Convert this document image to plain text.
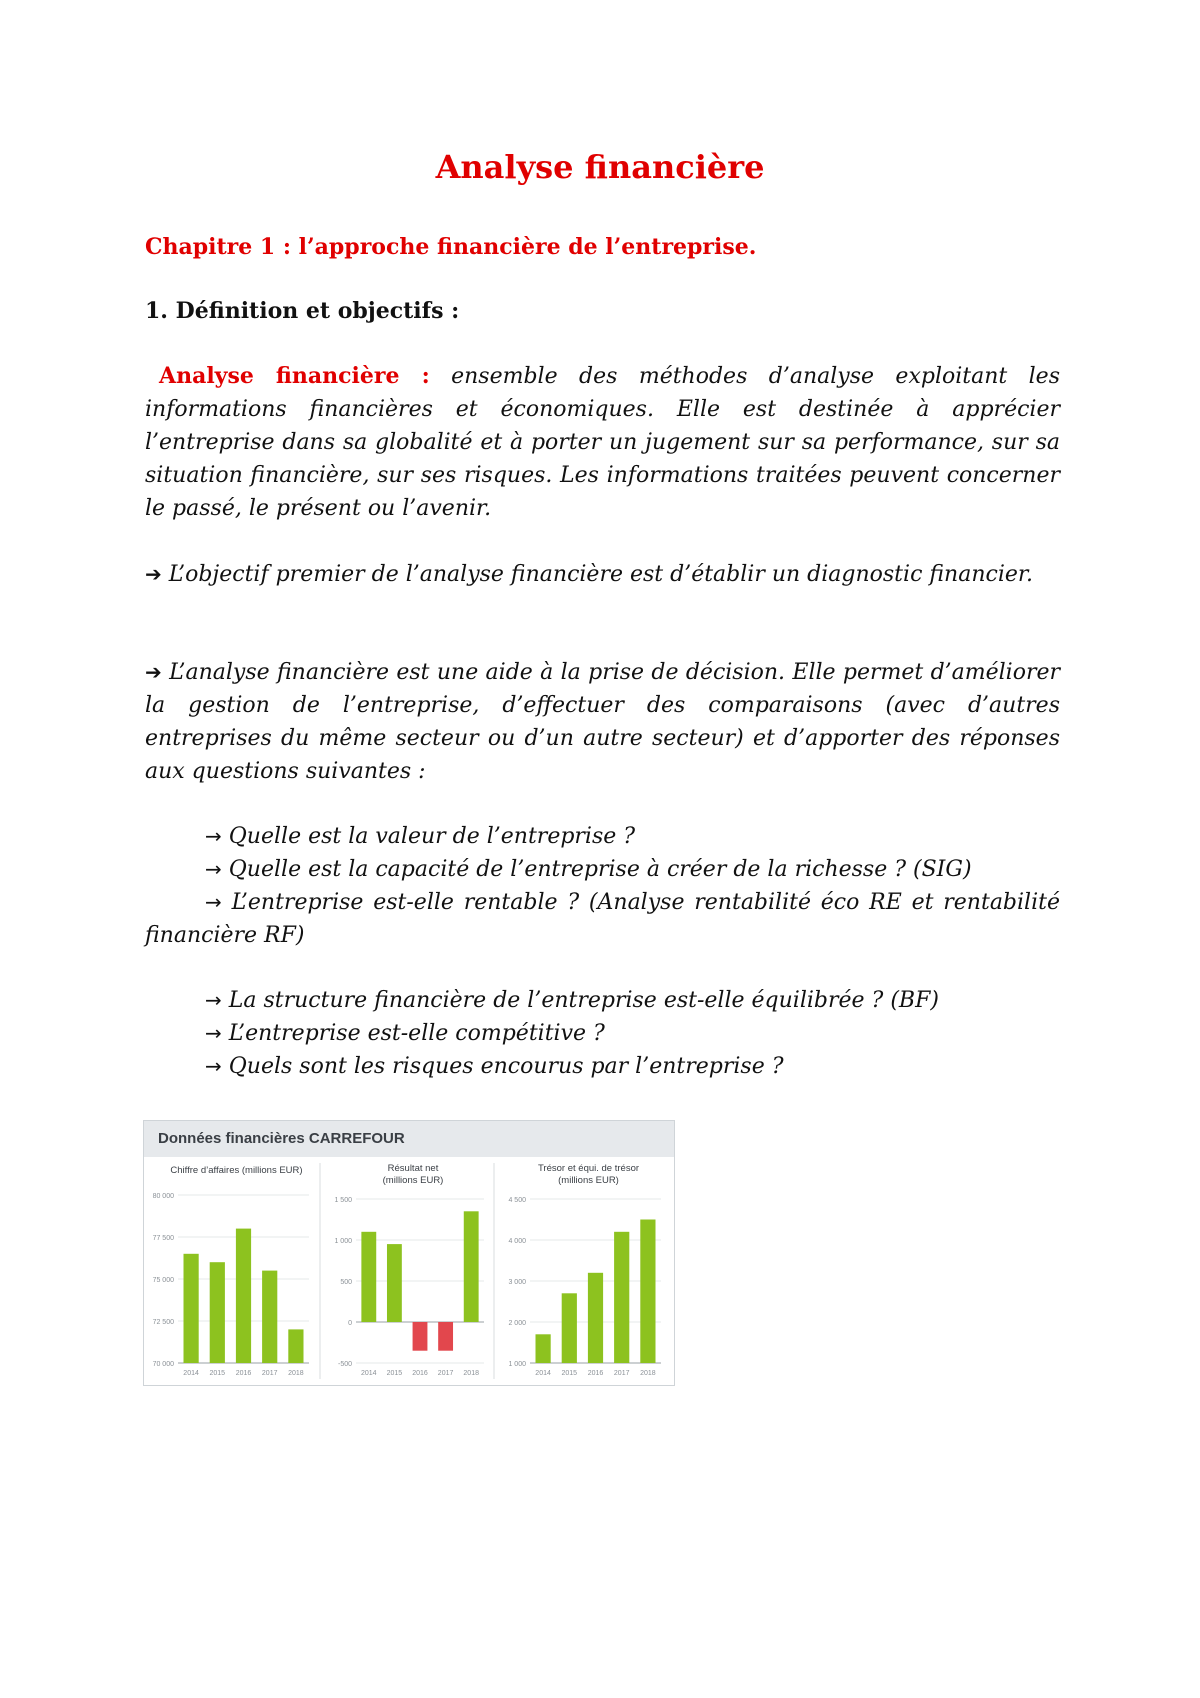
Analyse financière
Chapitre 1 : l’approche financière de l’entreprise.
1. Définition et objectifs :
Analyse financière : ensemble des méthodes d’analyse exploitant les informations financières et économiques. Elle est destinée à apprécier l’entreprise dans sa globalité et à porter un jugement sur sa performance, sur sa situation financière, sur ses risques. Les informations traitées peuvent concerner le passé, le présent ou l’avenir.
➔ L’objectif premier de l’analyse financière est d’établir un diagnostic financier.
➔ L’analyse financière est une aide à la prise de décision. Elle permet d’améliorer la gestion de l’entreprise, d’effectuer des comparaisons (avec d’autres entreprises du même secteur ou d’un autre secteur) et d’apporter des réponses aux questions suivantes :
→ Quelle est la valeur de l’entreprise ?
→ Quelle est la capacité de l’entreprise à créer de la richesse ? (SIG)
→ L’entreprise est-elle rentable ? (Analyse rentabilité éco RE et rentabilité financière RF)
→ La structure financière de l’entreprise est-elle équilibrée ? (BF)
→ L’entreprise est-elle compétitive ?
→ Quels sont les risques encourus par l’entreprise ?
Données financières CARREFOUR
Chiffre d’affaires (millions EUR)
70 000
72 500
75 000
77 500
80 000
2014 2015 2016 2017 2018
Résultat net
(millions EUR)
-500
0
500
1 000
1 500
2014 2015 2016 2017 2018
Trésor et équi. de trésor
(millions EUR)
1 000
2 000
3 000
4 000
4 500
2014 2015 2016 2017 2018
